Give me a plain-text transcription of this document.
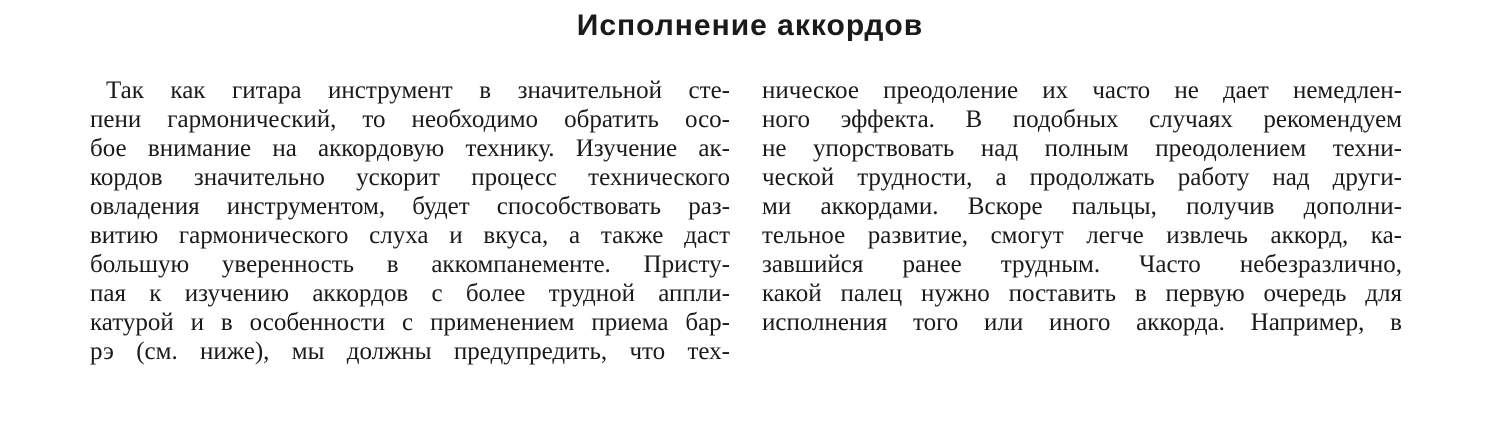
Исполнение аккордов
Так как гитара инструмент в значительной сте-
пени гармонический, то необходимо обратить осо-
бое внимание на аккордовую технику. Изучение ак-
кордов значительно ускорит процесс технического
овладения инструментом, будет способствовать раз-
витию гармонического слуха и вкуса, а также даст
большую уверенность в аккомпанементе. Присту-
пая к изучению аккордов с более трудной аппли-
катурой и в особенности с применением приема бар-
рэ (см. ниже), мы должны предупредить, что тех-
ническое преодоление их часто не дает немедлен-
ного эффекта. В подобных случаях рекомендуем
не упорствовать над полным преодолением техни-
ческой трудности, а продолжать работу над други-
ми аккордами. Вскоре пальцы, получив дополни-
тельное развитие, смогут легче извлечь аккорд, ка-
завшийся ранее трудным. Часто небезразлично,
какой палец нужно поставить в первую очередь для
исполнения того или иного аккорда. Например, в
